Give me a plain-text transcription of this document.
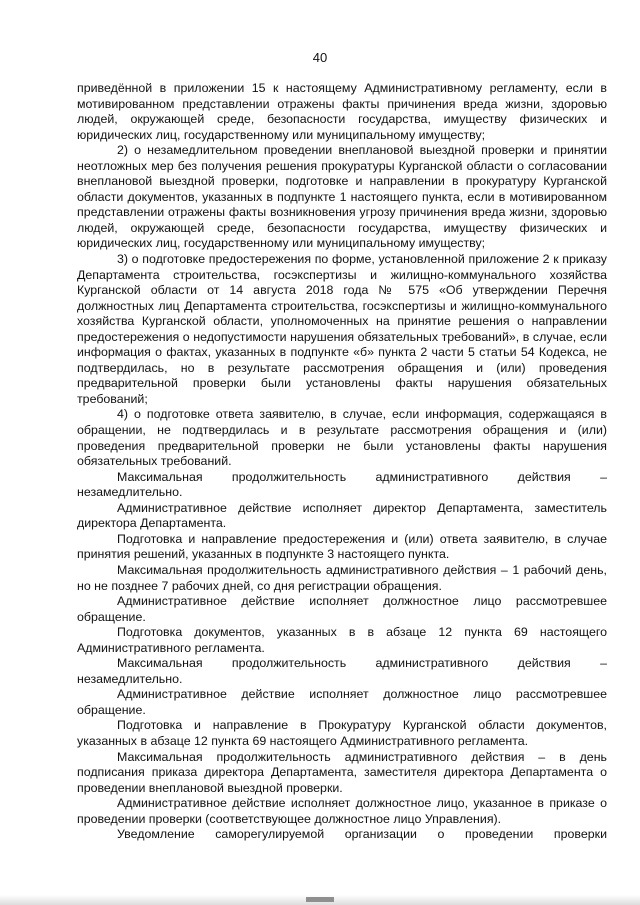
40

приведённой в приложении 15 к настоящему Административному регламенту, если в мотивированном представлении отражены факты причинения вреда жизни, здоровью людей, окружающей среде, безопасности государства, имуществу физических и юридических лиц, государственному или муниципальному имуществу;

2) о незамедлительном проведении внеплановой выездной проверки и принятии неотложных мер без получения решения прокуратуры Курганской области о согласовании внеплановой выездной проверки, подготовке и направлении в прокуратуру Курганской области документов, указанных в подпункте 1 настоящего пункта, если в мотивированном представлении отражены факты возникновения угрозу причинения вреда жизни, здоровью людей, окружающей среде, безопасности государства, имуществу физических и юридических лиц, государственному или муниципальному имуществу;

3) о подготовке предостережения по форме, установленной приложение 2 к приказу Департамента строительства, госэкспертизы и жилищно-коммунального хозяйства Курганской области от 14 августа 2018 года № 575 «Об утверждении Перечня должностных лиц Департамента строительства, госэкспертизы и жилищно-коммунального хозяйства Курганской области, уполномоченных на принятие решения о направлении предостережения о недопустимости нарушения обязательных требований», в случае, если информация о фактах, указанных в подпункте «б» пункта 2 части 5 статьи 54 Кодекса, не подтвердилась, но в результате рассмотрения обращения и (или) проведения предварительной проверки были установлены факты нарушения обязательных требований;

4) о подготовке ответа заявителю, в случае, если информация, содержащаяся в обращении, не подтвердилась и в результате рассмотрения обращения и (или) проведения предварительной проверки не были установлены факты нарушения обязательных требований.

Максимальная продолжительность административного действия – незамедлительно.

Административное действие исполняет директор Департамента, заместитель директора Департамента.

Подготовка и направление предостережения и (или) ответа заявителю, в случае принятия решений, указанных в подпункте 3 настоящего пункта.

Максимальная продолжительность административного действия – 1 рабочий день, но не позднее 7 рабочих дней, со дня регистрации обращения.

Административное действие исполняет должностное лицо рассмотревшее обращение.

Подготовка документов, указанных в в абзаце 12 пункта 69 настоящего Административного регламента.

Максимальная продолжительность административного действия – незамедлительно.

Административное действие исполняет должностное лицо рассмотревшее обращение.

Подготовка и направление в Прокуратуру Курганской области документов, указанных в абзаце 12 пункта 69 настоящего Административного регламента.

Максимальная продолжительность административного действия – в день подписания приказа директора Департамента, заместителя директора Департамента о проведении внеплановой выездной проверки.

Административное действие исполняет должностное лицо, указанное в приказе о проведении проверки (соответствующее должностное лицо Управления).

Уведомление саморегулируемой организации о проведении проверки
